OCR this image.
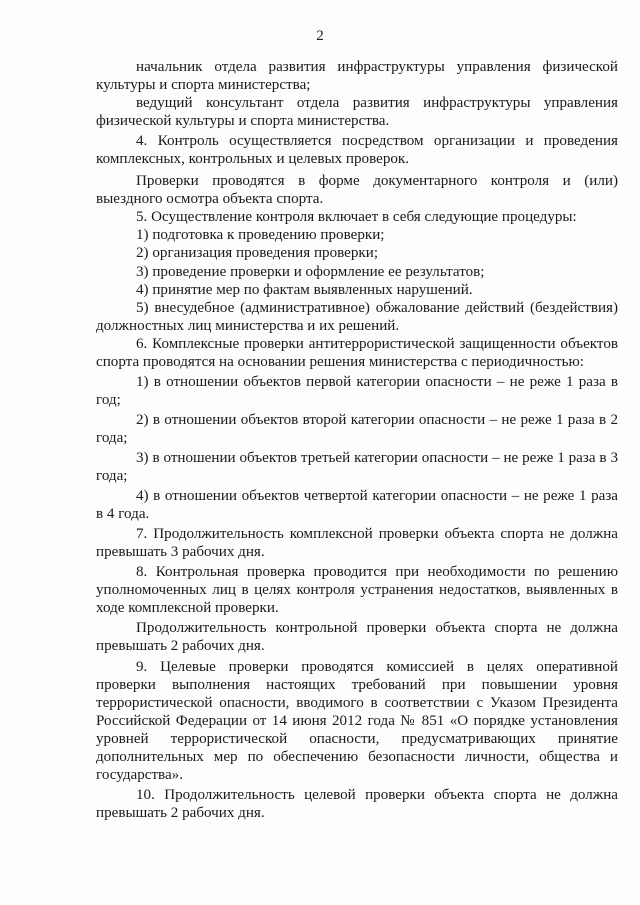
2

начальник отдела развития инфраструктуры управления физической культуры и спорта министерства;

ведущий консультант отдела развития инфраструктуры управления физической культуры и спорта министерства.

4. Контроль осуществляется посредством организации и проведения комплексных, контрольных и целевых проверок.

Проверки проводятся в форме документарного контроля и (или) выездного осмотра объекта спорта.

5. Осуществление контроля включает в себя следующие процедуры:

1) подготовка к проведению проверки;

2) организация проведения проверки;

3) проведение проверки и оформление ее результатов;

4) принятие мер по фактам выявленных нарушений.

5) внесудебное (административное) обжалование действий (бездействия) должностных лиц министерства и их решений.

6. Комплексные проверки антитеррористической защищенности объектов спорта проводятся на основании решения министерства с периодичностью:

1) в отношении объектов первой категории опасности – не реже 1 раза в год;

2) в отношении объектов второй категории опасности – не реже 1 раза в 2 года;

3) в отношении объектов третьей категории опасности – не реже 1 раза в 3 года;

4) в отношении объектов четвертой категории опасности – не реже 1 раза в 4 года.

7. Продолжительность комплексной проверки объекта спорта не должна превышать 3 рабочих дня.

8. Контрольная проверка проводится при необходимости по решению уполномоченных лиц в целях контроля устранения недостатков, выявленных в ходе комплексной проверки.

Продолжительность контрольной проверки объекта спорта не должна превышать 2 рабочих дня.

9. Целевые проверки проводятся комиссией в целях оперативной проверки выполнения настоящих требований при повышении уровня террористической опасности, вводимого в соответствии с Указом Президента Российской Федерации от 14 июня 2012 года № 851 «О порядке установления уровней террористической опасности, предусматривающих принятие дополнительных мер по обеспечению безопасности личности, общества и государства».

10. Продолжительность целевой проверки объекта спорта не должна превышать 2 рабочих дня.
